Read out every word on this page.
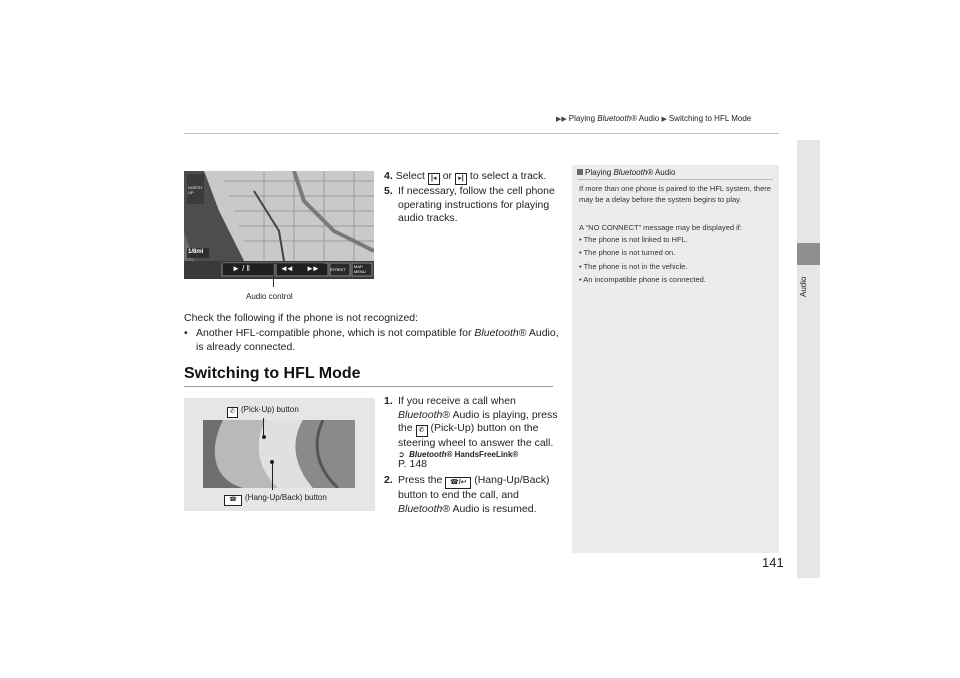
▶▶ Playing Bluetooth® Audio ▶ Switching to HFL Mode
Audio
NORTH
UP
1/8mi
► / ‖	◄◄ ►►	STREET
MAP
MENU
Audio control
4. Select |◂ or ▸| to select a track.
5. If necessary, follow the cell phone operating instructions for playing audio tracks.
Check the following if the phone is not recognized:
• Another HFL-compatible phone, which is not compatible for Bluetooth® Audio, is already connected.
Switching to HFL Mode
1. If you receive a call when Bluetooth® Audio is playing, press the ✆ (Pick-Up) button on the steering wheel to answer the call.
➲ Bluetooth® HandsFreeLink®
P. 148
2. Press the ☎/↩ (Hang-Up/Back) button to end the call, and Bluetooth® Audio is resumed.
✆ (Pick-Up) button
☎ (Hang-Up/Back) button
Playing Bluetooth® Audio
If more than one phone is paired to the HFL system, there may be a delay before the system begins to play.
A “NO CONNECT” message may be displayed if:
• The phone is not linked to HFL.
• The phone is not turned on.
• The phone is not in the vehicle.
• An incompatible phone is connected.
141
